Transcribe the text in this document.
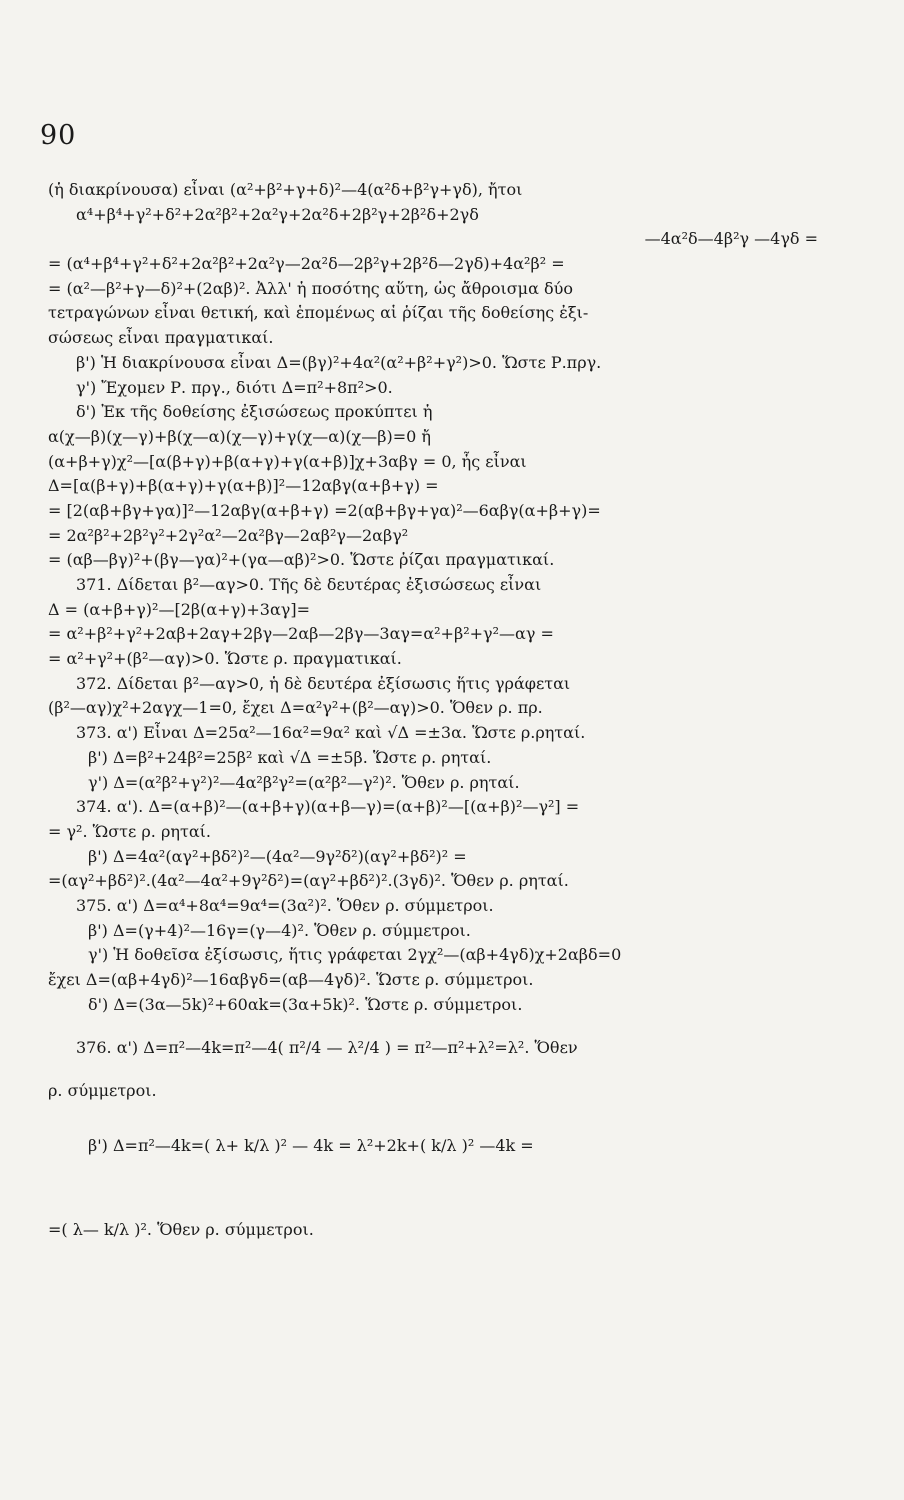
90
(ἡ διακρίνουσα) εἶναι (α²+β²+γ+δ)²—4(α²δ+β²γ+γδ), ἤτοι
α⁴+β⁴+γ²+δ²+2α²β²+2α²γ+2α²δ+2β²γ+2β²δ+2γδ
—4α²δ—4β²γ —4γδ =
= (α⁴+β⁴+γ²+δ²+2α²β²+2α²γ—2α²δ—2β²γ+2β²δ—2γδ)+4α²β² =
= (α²—β²+γ—δ)²+(2αβ)². Ἀλλ' ἡ ποσότης αὕτη, ὡς ἄθροισμα δύο
τετραγώνων εἶναι θετική, καὶ ἑπομένως αἱ ῥίζαι τῆς δοθείσης ἐξι-
σώσεως εἶναι πραγματικαί.
β') Ἡ διακρίνουσα εἶναι Δ=(βγ)²+4α²(α²+β²+γ²)>0. Ὥστε Ρ.πργ.
γ') Ἔχομεν Ρ. πργ., διότι Δ=π²+8π²>0.
δ') Ἐκ τῆς δοθείσης ἐξισώσεως προκύπτει ἡ
α(χ—β)(χ—γ)+β(χ—α)(χ—γ)+γ(χ—α)(χ—β)=0 ἤ
(α+β+γ)χ²—[α(β+γ)+β(α+γ)+γ(α+β)]χ+3αβγ = 0, ἧς εἶναι
Δ=[α(β+γ)+β(α+γ)+γ(α+β)]²—12αβγ(α+β+γ) =
= [2(αβ+βγ+γα)]²—12αβγ(α+β+γ) =2(αβ+βγ+γα)²—6αβγ(α+β+γ)=
= 2α²β²+2β²γ²+2γ²α²—2α²βγ—2αβ²γ—2αβγ²
= (αβ—βγ)²+(βγ—γα)²+(γα—αβ)²>0. Ὥστε ῥίζαι πραγματικαί.
371. Δίδεται β²—αγ>0. Τῆς δὲ δευτέρας ἐξισώσεως εἶναι
Δ = (α+β+γ)²—[2β(α+γ)+3αγ]=
= α²+β²+γ²+2αβ+2αγ+2βγ—2αβ—2βγ—3αγ=α²+β²+γ²—αγ =
= α²+γ²+(β²—αγ)>0. Ὥστε ρ. πραγματικαί.
372. Δίδεται β²—αγ>0, ἡ δὲ δευτέρα ἐξίσωσις ἥτις γράφεται
(β²—αγ)χ²+2αγχ—1=0, ἔχει Δ=α²γ²+(β²—αγ)>0. Ὅθεν ρ. πρ.
373. α') Εἶναι Δ=25α²—16α²=9α² καὶ √Δ =±3α. Ὥστε ρ.ρηταί.
β') Δ=β²+24β²=25β² καὶ √Δ =±5β. Ὥστε ρ. ρηταί.
γ') Δ=(α²β²+γ²)²—4α²β²γ²=(α²β²—γ²)². Ὅθεν ρ. ρηταί.
374. α'). Δ=(α+β)²—(α+β+γ)(α+β—γ)=(α+β)²—[(α+β)²—γ²] =
= γ². Ὥστε ρ. ρηταί.
β') Δ=4α²(αγ²+βδ²)²—(4α²—9γ²δ²)(αγ²+βδ²)² =
=(αγ²+βδ²)².(4α²—4α²+9γ²δ²)=(αγ²+βδ²)².(3γδ)². Ὅθεν ρ. ρηταί.
375. α') Δ=α⁴+8α⁴=9α⁴=(3α²)². Ὅθεν ρ. σύμμετροι.
β') Δ=(γ+4)²—16γ=(γ—4)². Ὅθεν ρ. σύμμετροι.
γ') Ἡ δοθεῖσα ἐξίσωσις, ἥτις γράφεται 2γχ²—(αβ+4γδ)χ+2αβδ=0
ἔχει Δ=(αβ+4γδ)²—16αβγδ=(αβ—4γδ)². Ὥστε ρ. σύμμετροι.
δ') Δ=(3α—5k)²+60αk=(3α+5k)². Ὥστε ρ. σύμμετροι.
376. α') Δ=π²—4k=π²—4( π²/4 — λ²/4 ) = π²—π²+λ²=λ². Ὅθεν
ρ. σύμμετροι.
β') Δ=π²—4k=( λ+ k/λ )² — 4k = λ²+2k+( k/λ )² —4k =
=( λ— k/λ )². Ὅθεν ρ. σύμμετροι.
